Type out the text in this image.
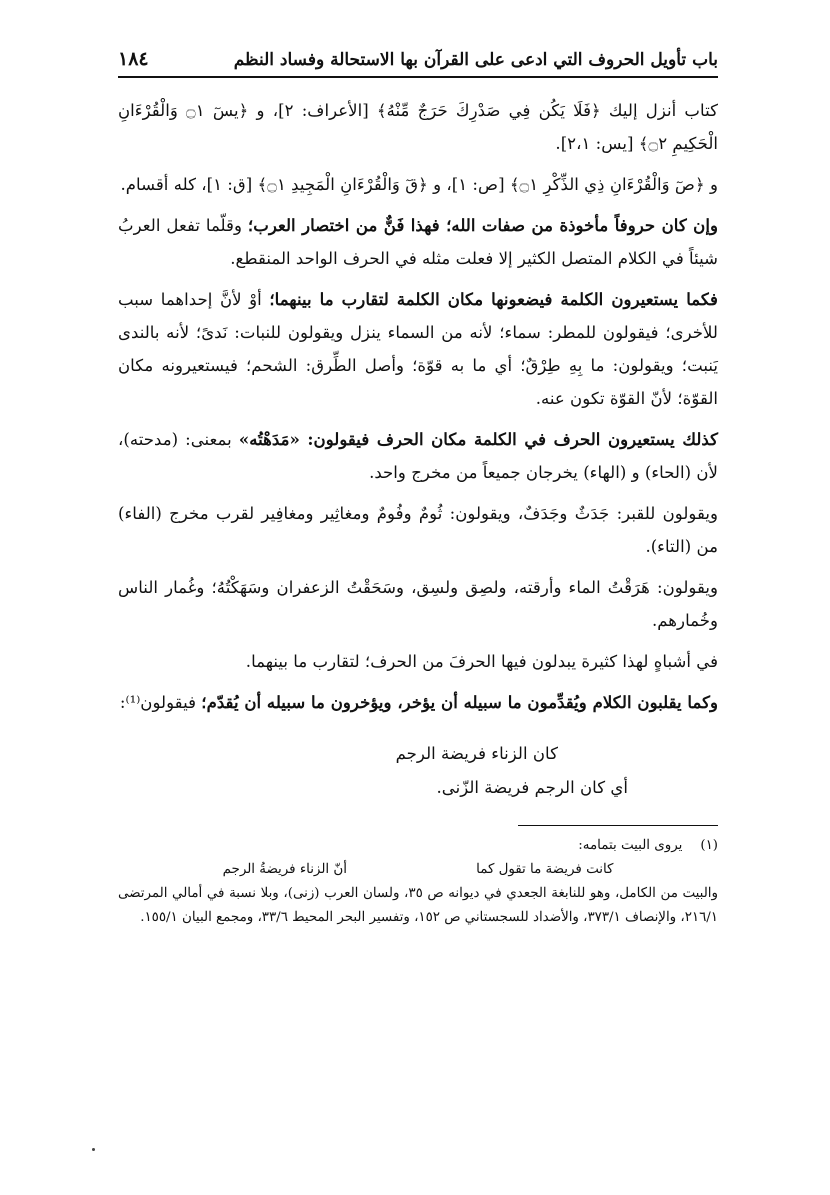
باب تأويل الحروف التي ادعى على القرآن بها الاستحالة وفساد النظم
١٨٤

كتاب أنزل إليك ﴿فَلَا يَكُن فِي صَدْرِكَ حَرَجٌ مِّنْهُ﴾ [الأعراف: ٢]، و ﴿يسٓ ۝١ وَالْقُرْءَانِ الْحَكِيمِ ۝٢﴾ [يس: ٢،١].

و ﴿صٓ وَالْقُرْءَانِ ذِي الذِّكْرِ ۝١﴾ [ص: ١]، و ﴿قٓ وَالْقُرْءَانِ الْمَجِيدِ ۝١﴾ [ق: ١]، كله أقسام.

وإن كان حروفاً مأخوذة من صفات الله؛ فهذا فَنٌّ من اختصار العرب؛ وقلّما تفعل العربُ شيئاً في الكلام المتصل الكثير إلا فعلت مثله في الحرف الواحد المنقطع.

فكما يستعيرون الكلمة فيضعونها مكان الكلمة لتقارب ما بينهما؛ أوْ لأنَّ إحداهما سبب للأخرى؛ فيقولون للمطر: سماء؛ لأنه من السماء ينزل ويقولون للنبات: نَدىً؛ لأنه بالندى يَنبت؛ ويقولون: ما بِهِ طِرْقٌ؛ أي ما به قوّة؛ وأصل الطِّرق: الشحم؛ فيستعيرونه مكان القوّة؛ لأنّ القوّة تكون عنه.

كذلك يستعيرون الحرف في الكلمة مكان الحرف فيقولون: «مَدَهْتُه» بمعنى: (مدحته)، لأن (الحاء) و (الهاء) يخرجان جميعاً من مخرج واحد.

ويقولون للقبر: جَدَثٌ وجَدَفٌ، ويقولون: ثُومٌ وفُومٌ ومغاثِير ومغافِير لقرب مخرج (الفاء) من (التاء).

ويقولون: هَرَقْتُ الماء وأرقته، ولصِق ولسِق، وسَحَقْتُ الزعفران وسَهَكْتُهُ؛ وغُمار الناس وخُمارهم.

في أشباهٍ لهذا كثيرة يبدلون فيها الحرفَ من الحرف؛ لتقارب ما بينهما.

وكما يقلبون الكلام ويُقدِّمون ما سبيله أن يؤخر، ويؤخرون ما سبيله أن يُقدّم؛ فيقولون⁽¹⁾:

كان الزناء فريضة الرجم
أي كان الرجم فريضة الزّنى.
(١)
يروى البيت بتمامه:
كانت فريضة ما تقول كما
أنّ الزناء فريضةُ الرجم
والبيت من الكامل، وهو للنابغة الجعدي في ديوانه ص ٣٥، ولسان العرب (زنى)، وبلا نسبة في أمالي المرتضى ٢١٦/١، والإنصاف ٣٧٣/١، والأضداد للسجستاني ص ١٥٢، وتفسير البحر المحيط ٣٣/٦، ومجمع البيان ١٥٥/١.
